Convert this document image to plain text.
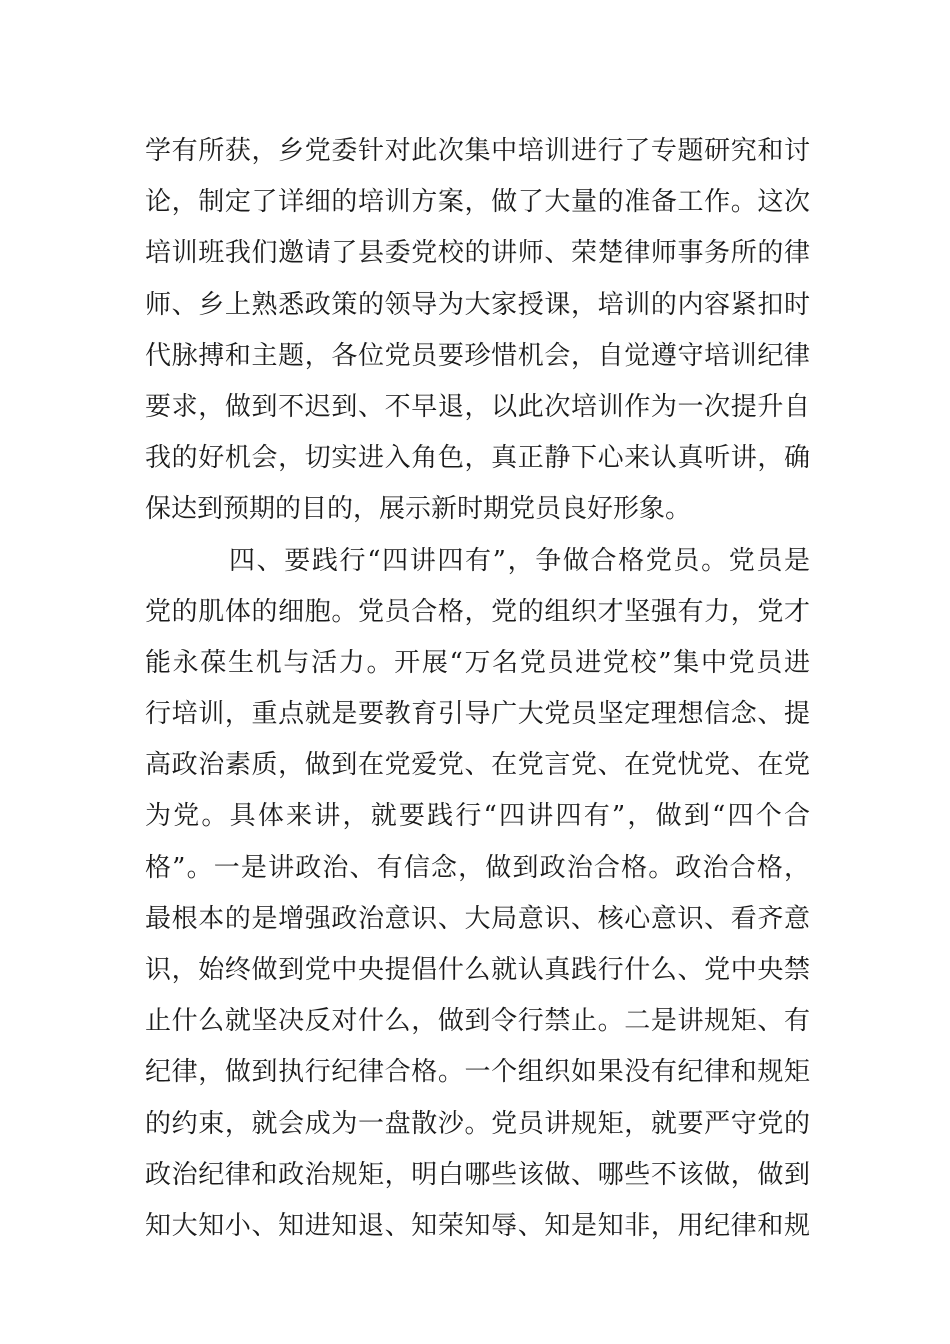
学有所获，乡党委针对此次集中培训进行了专题研究和讨
论，制定了详细的培训方案，做了大量的准备工作。这次
培训班我们邀请了县委党校的讲师、荣楚律师事务所的律
师、乡上熟悉政策的领导为大家授课，培训的内容紧扣时
代脉搏和主题，各位党员要珍惜机会，自觉遵守培训纪律
要求，做到不迟到、不早退，以此次培训作为一次提升自
我的好机会，切实进入角色，真正静下心来认真听讲，确
保达到预期的目的，展示新时期党员良好形象。
四、要践行“四讲四有”，争做合格党员。党员是
党的肌体的细胞。党员合格，党的组织才坚强有力，党才
能永葆生机与活力。开展“万名党员进党校”集中党员进
行培训，重点就是要教育引导广大党员坚定理想信念、提
高政治素质，做到在党爱党、在党言党、在党忧党、在党
为党。具体来讲，就要践行“四讲四有”，做到“四个合
格”。一是讲政治、有信念，做到政治合格。政治合格，
最根本的是增强政治意识、大局意识、核心意识、看齐意
识，始终做到党中央提倡什么就认真践行什么、党中央禁
止什么就坚决反对什么，做到令行禁止。二是讲规矩、有
纪律，做到执行纪律合格。一个组织如果没有纪律和规矩
的约束，就会成为一盘散沙。党员讲规矩，就要严守党的
政治纪律和政治规矩，明白哪些该做、哪些不该做，做到
知大知小、知进知退、知荣知辱、知是知非，用纪律和规
